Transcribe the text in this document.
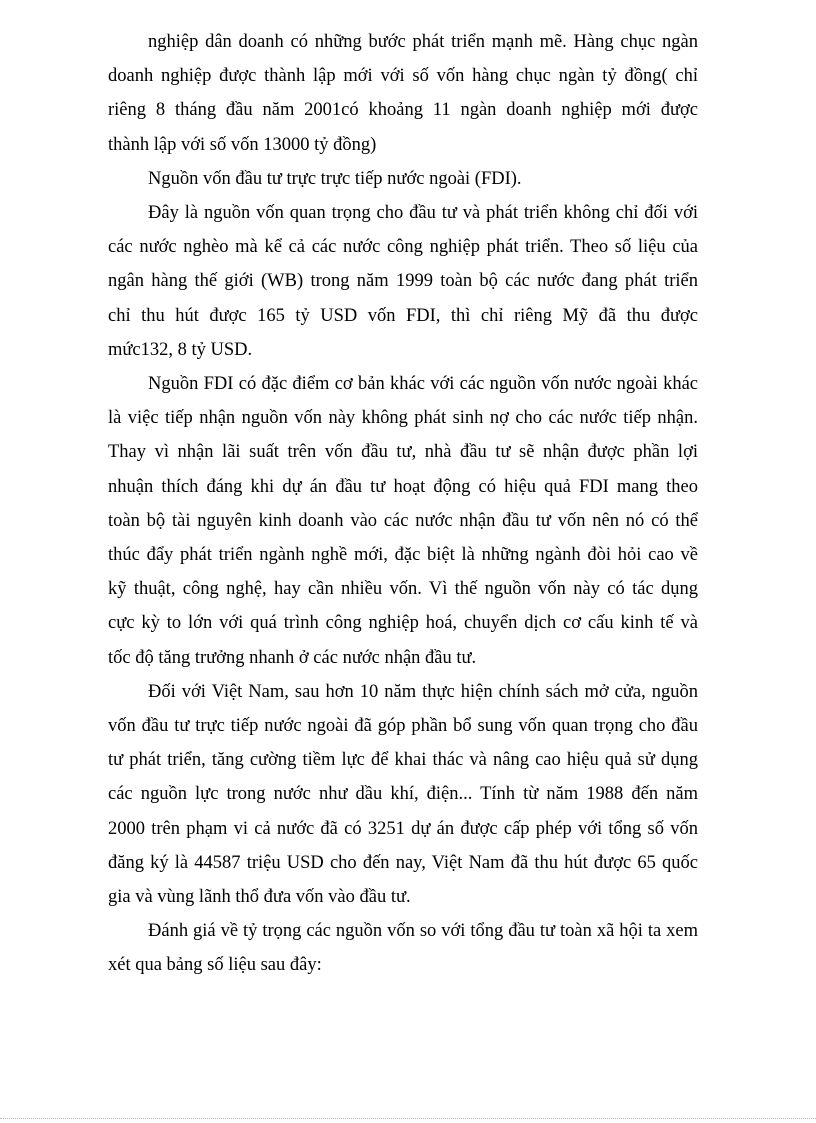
nghiệp dân doanh có những bước phát triển mạnh mẽ. Hàng chục ngàn
doanh nghiệp được thành lập mới với số vốn hàng chục ngàn tỷ đồng( chỉ
riêng 8 tháng đầu năm 2001có khoảng 11 ngàn doanh nghiệp mới được
thành lập với số vốn 13000 tỷ đồng)
Nguồn vốn đầu tư trực trực tiếp nước ngoài (FDI).
Đây là nguồn vốn quan trọng cho đầu tư và phát triển không chỉ đối với
các nước nghèo mà kể cả các nước công nghiệp phát triển. Theo số liệu của
ngân hàng thế giới (WB) trong năm 1999 toàn bộ các nước đang phát triển
chỉ thu hút được 165 tỷ USD vốn FDI, thì chỉ riêng Mỹ đã thu được
mức132, 8 tỷ USD.
Nguồn FDI có đặc điểm cơ bản khác với các nguồn vốn nước ngoài khác
là việc tiếp nhận nguồn vốn này không phát sinh nợ cho các nước tiếp nhận.
Thay vì nhận lãi suất trên vốn đầu tư, nhà đầu tư sẽ nhận được phần lợi
nhuận thích đáng khi dự án đầu tư hoạt động có hiệu quả FDI mang theo
toàn bộ tài nguyên kinh doanh vào các nước nhận đầu tư vốn nên nó có thể
thúc đẩy phát triển ngành nghề mới, đặc biệt là những ngành đòi hỏi cao về
kỹ thuật, công nghệ, hay cần nhiều vốn. Vì thế nguồn vốn này có tác dụng
cực kỳ to lớn với quá trình công nghiệp hoá, chuyển dịch cơ cấu kinh tế và
tốc độ tăng trưởng nhanh ở các nước nhận đầu tư.
Đối với Việt Nam, sau hơn 10 năm thực hiện chính sách mở cửa, nguồn
vốn đầu tư trực tiếp nước ngoài đã góp phần bổ sung vốn quan trọng cho đầu
tư phát triển, tăng cường tiềm lực để khai thác và nâng cao hiệu quả sử dụng
các nguồn lực trong nước như dầu khí, điện... Tính từ năm 1988 đến năm
2000 trên phạm vi cả nước đã có 3251 dự án được cấp phép với tổng số vốn
đăng ký là 44587 triệu USD cho đến nay, Việt Nam đã thu hút được 65 quốc
gia và vùng lãnh thổ đưa vốn vào đầu tư.
Đánh giá về tỷ trọng các nguồn vốn so với tổng đầu tư toàn xã hội ta xem
xét qua bảng số liệu sau đây:
